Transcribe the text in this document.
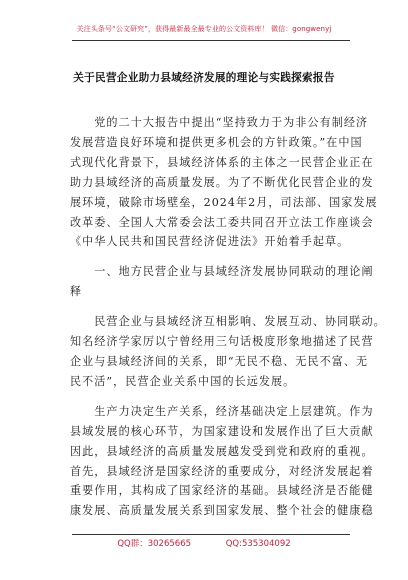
关注头条号“公文研究”，获得最新最全最专业的公文资料库！ 微信：gongwenyj
关于民营企业助力县域经济发展的理论与实践探索报告
　　党的二十大报告中提出“坚持致力于为非公有制经济
发展营造良好环境和提供更多机会的方针政策。”在中国
式现代化背景下，县域经济体系的主体之一民营企业正在
助力县域经济的高质量发展。为了不断优化民营企业的发
展环境，破除市场壁垒，2024年2月，司法部、国家发展
改革委、全国人大常委会法工委共同召开立法工作座谈会
《中华人民共和国民营经济促进法》开始着手起草。
　　一、地方民营企业与县域经济发展协同联动的理论阐
释
　　民营企业与县域经济互相影响、发展互动、协同联动。
知名经济学家厉以宁曾经用三句话极度形象地描述了民营
企业与县域经济间的关系，即“无民不稳、无民不富、无
民不活”，民营企业关系中国的长远发展。
　　生产力决定生产关系，经济基础决定上层建筑。作为
县域发展的核心环节，为国家建设和发展作出了巨大贡献
因此，县域经济的高质量发展越发受到党和政府的重视。
首先，县域经济是国家经济的重要成分，对经济发展起着
重要作用，其构成了国家经济的基础。县域经济是否能健
康发展、高质量发展关系到国家发展、整个社会的健康稳
QQ群：30265665	QQ:535304092
